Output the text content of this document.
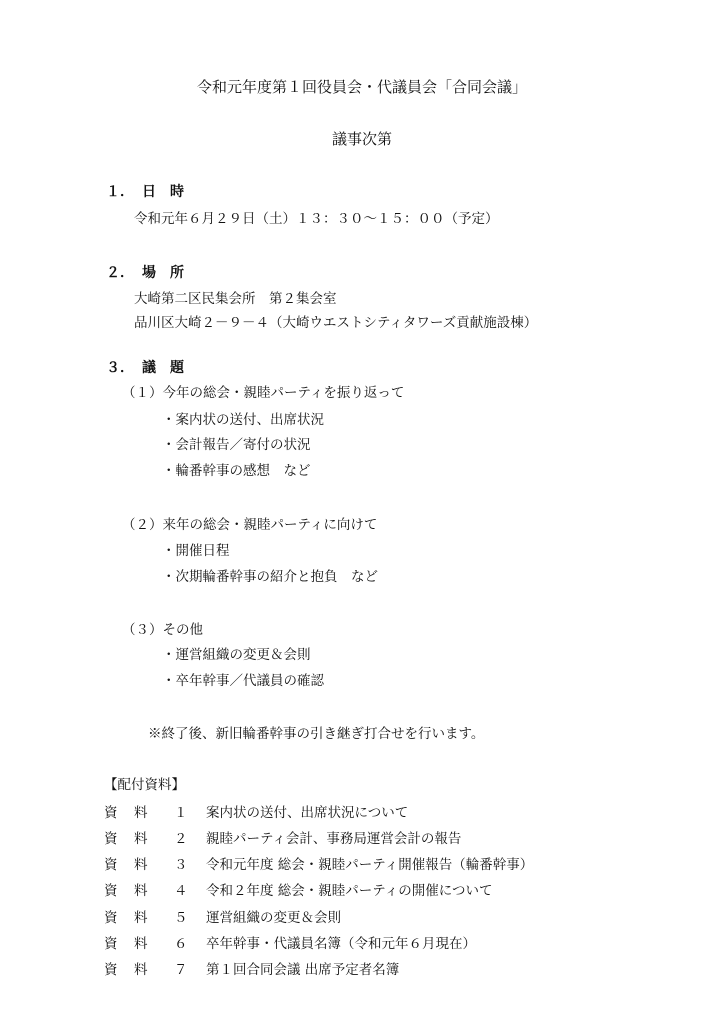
令和元年度第１回役員会・代議員会「合同会議」
議事次第
１． 日時
令和元年６月２９日（土）１３：３０～１５：００（予定）
２． 場所
大崎第二区民集会所　第２集会室
品川区大崎２－９－４（大崎ウエストシティタワーズ貢献施設棟）
３． 議題
（１）今年の総会・親睦パーティを振り返って
・案内状の送付、出席状況
・会計報告／寄付の状況
・輪番幹事の感想　など
（２）来年の総会・親睦パーティに向けて
・開催日程
・次期輪番幹事の紹介と抱負　など
（３）その他
・運営組織の変更＆会則
・卒年幹事／代議員の確認
※終了後、新旧輪番幹事の引き継ぎ打合せを行います。
【配付資料】
資 料 １ 案内状の送付、出席状況について
資 料 ２ 親睦パーティ会計、事務局運営会計の報告
資 料 ３ 令和元年度 総会・親睦パーティ開催報告（輪番幹事）
資 料 ４ 令和２年度 総会・親睦パーティの開催について
資 料 ５ 運営組織の変更＆会則
資 料 ６ 卒年幹事・代議員名簿（令和元年６月現在）
資 料 ７ 第１回合同会議 出席予定者名簿
